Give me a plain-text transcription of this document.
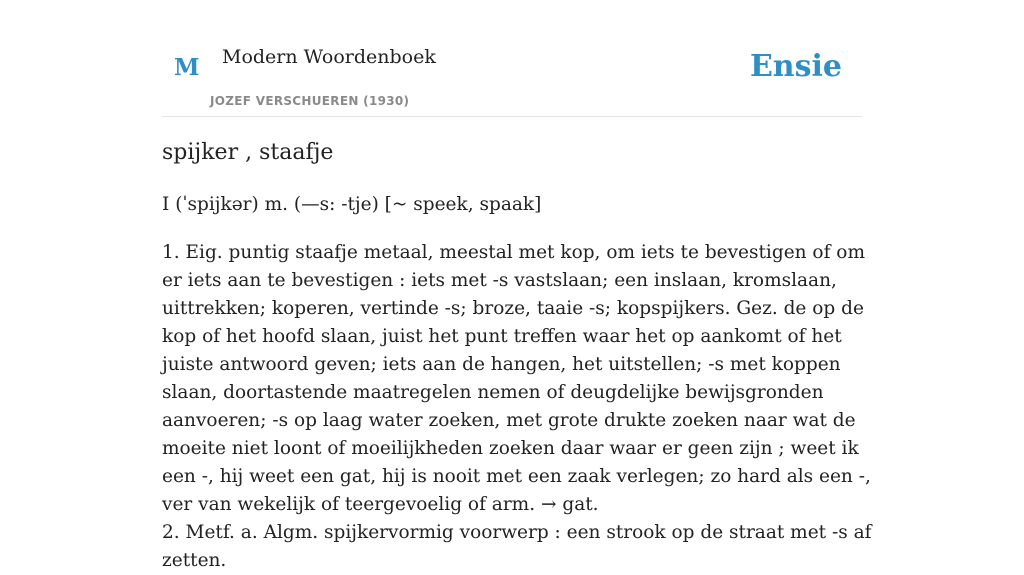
M Modern Woordenboek
JOZEF VERSCHUEREN (1930)
Ensie
spijker , staafje
I (ˈspijkər) m. (—s: -tje) [~ speek, spaak]

1. Eig. puntig staafje metaal, meestal met kop, om iets te bevestigen of om er iets aan te bevestigen : iets met -s vastslaan; een inslaan, kromslaan, uittrekken; koperen, vertinde -s; broze, taaie -s; kopspijkers. Gez. de op de kop of het hoofd slaan, juist het punt treffen waar het op aankomt of het juiste antwoord geven; iets aan de hangen, het uitstellen; -s met koppen slaan, doortastende maatregelen nemen of deugdelijke bewijsgronden aanvoeren; -s op laag water zoeken, met grote drukte zoeken naar wat de moeite niet loont of moeilijkheden zoeken daar waar er geen zijn ; weet ik een -, hij weet een gat, hij is nooit met een zaak verlegen; zo hard als een -, ver van wekelijk of teergevoelig of arm. → gat.

2. Metf. a. Algm. spijkervormig voorwerp : een strook op de straat met -s af zetten.
